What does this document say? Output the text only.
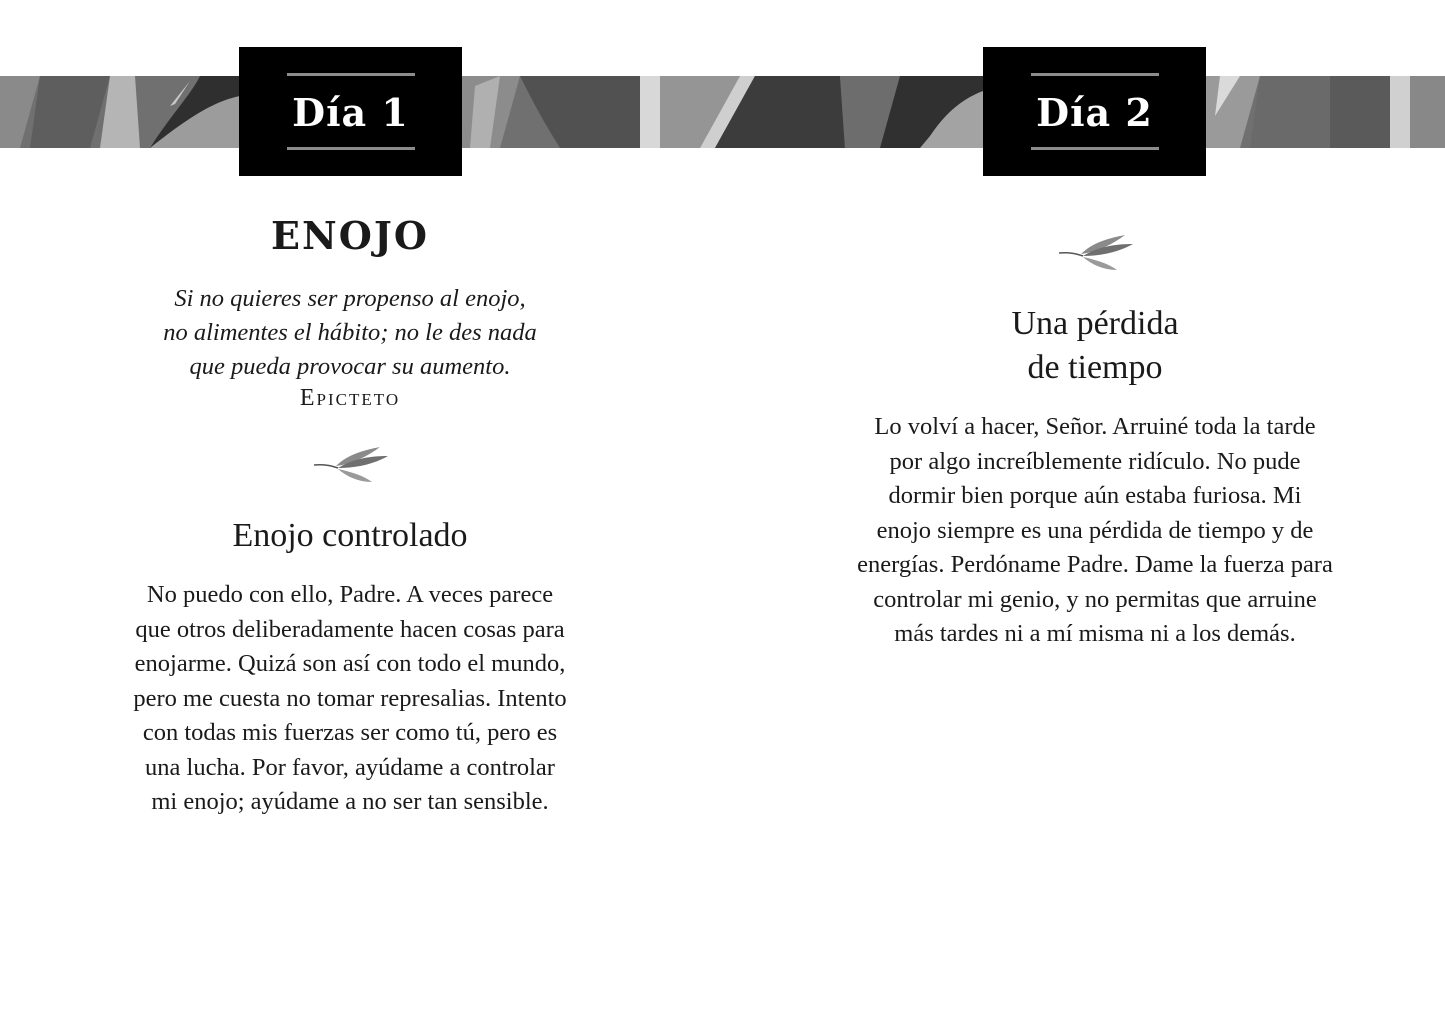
Día 1	Día 2
ENOJO
Si no quieres ser propenso al enojo,
no alimentes el hábito; no le des nada
que pueda provocar su aumento.
Epicteto
Enojo controlado
No puedo con ello, Padre. A veces parece
que otros deliberadamente hacen cosas para
enojarme. Quizá son así con todo el mundo,
pero me cuesta no tomar represalias. Intento
con todas mis fuerzas ser como tú, pero es
una lucha. Por favor, ayúdame a controlar
mi enojo; ayúdame a no ser tan sensible.
Una pérdida
de tiempo
Lo volví a hacer, Señor. Arruiné toda la tarde
por algo increíblemente ridículo. No pude
dormir bien porque aún estaba furiosa. Mi
enojo siempre es una pérdida de tiempo y de
energías. Perdóname Padre. Dame la fuerza para
controlar mi genio, y no permitas que arruine
más tardes ni a mí misma ni a los demás.
